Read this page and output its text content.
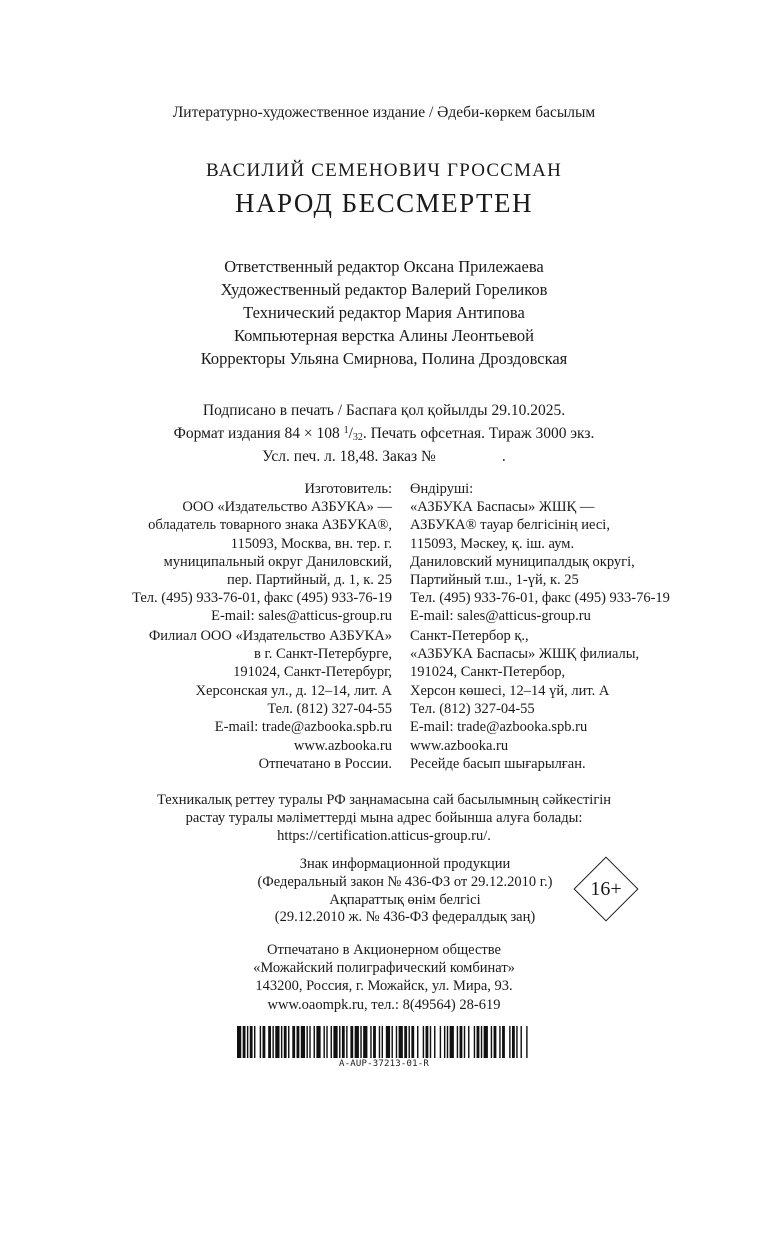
Литературно-художественное издание / Әдеби-көркем басылым
ВАСИЛИЙ СЕМЕНОВИЧ ГРОССМАН
НАРОД БЕССМЕРТЕН
Ответственный редактор Оксана Прилежаева
Художественный редактор Валерий Гореликов
Технический редактор Мария Антипова
Компьютерная верстка Алины Леонтьевой
Корректоры Ульяна Смирнова, Полина Дроздовская
Подписано в печать / Баспаға қол қойылды 29.10.2025.
Формат издания 84 × 108 $^1/_{32}$. Печать офсетная. Тираж 3000 экз.
Усл. печ. л. 18,48. Заказ №	.
Изготовитель:
ООО «Издательство АЗБУКА» —
обладатель товарного знака АЗБУКА®,
115093, Москва, вн. тер. г.
муниципальный округ Даниловский,
пер. Партийный, д. 1, к. 25
Тел. (495) 933-76-01, факс (495) 933-76-19
E-mail: sales@atticus-group.ru
Өндіруші:
«АЗБУКА Баспасы» ЖШҚ —
АЗБУКА® тауар белгісінің иесі,
115093, Мәскеу, қ. іш. аум.
Даниловский муниципалдық округі,
Партийный т.ш., 1-үй, к. 25
Тел. (495) 933-76-01, факс (495) 933-76-19
E-mail: sales@atticus-group.ru
Филиал ООО «Издательство АЗБУКА»
в г. Санкт-Петербурге,
191024, Санкт-Петербург,
Херсонская ул., д. 12–14, лит. А
Тел. (812) 327-04-55
E-mail: trade@azbooka.spb.ru
Санкт-Петербор қ.,
«АЗБУКА Баспасы» ЖШҚ филиалы,
191024, Санкт-Петербор,
Херсон көшесі, 12–14 үй, лит. А
Тел. (812) 327-04-55
E-mail: trade@azbooka.spb.ru
www.azbooka.ru
Отпечатано в России.
www.azbooka.ru
Ресейде басып шығарылған.
Техникалық реттеу туралы РФ заңнамасына сай басылымның сәйкестігін
растау туралы мәліметтерді мына адрес бойынша алуға болады:
https://certification.atticus-group.ru/.
Знак информационной продукции
(Федеральный закон № 436-ФЗ от 29.12.2010 г.)
Ақпараттық өнім белгісі
(29.12.2010 ж. № 436-ФЗ федералдық заң)
16+
Отпечатано в Акционерном обществе
«Можайский полиграфический комбинат»
143200, Россия, г. Можайск, ул. Мира, 93.
www.oaompk.ru, тел.: 8(49564) 28-619
A-AUP-37213-01-R
